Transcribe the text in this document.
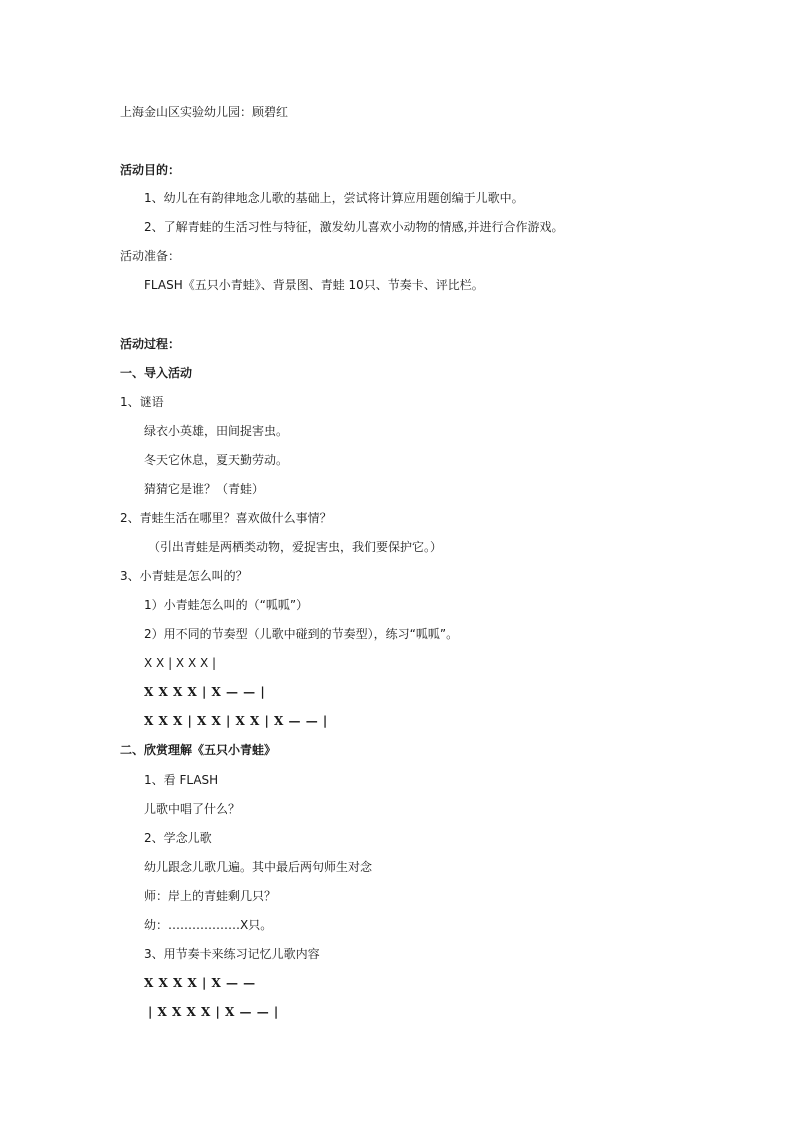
上海金山区实验幼儿园：顾碧红
活动目的：
1、幼儿在有韵律地念儿歌的基础上，尝试将计算应用题创编于儿歌中。
2、了解青蛙的生活习性与特征，激发幼儿喜欢小动物的情感,并进行合作游戏。
活动准备：
FLASH《五只小青蛙》、背景图、青蛙 10只、节奏卡、评比栏。
活动过程：
一、导入活动
1、谜语
绿衣小英雄，田间捉害虫。
冬天它休息，夏天勤劳动。
猜猜它是谁？（青蛙）
2、青蛙生活在哪里？喜欢做什么事情？
（引出青蛙是两栖类动物，爱捉害虫，我们要保护它。）
3、小青蛙是怎么叫的？
1）小青蛙怎么叫的（“呱呱”）
2）用不同的节奏型（儿歌中碰到的节奏型），练习“呱呱”。
X X | X X X |
X X X X | X — — |
X X X | X X | X X | X — — |
二、欣赏理解《五只小青蛙》
1、看 FLASH
儿歌中唱了什么？
2、学念儿歌
幼儿跟念儿歌几遍。其中最后两句师生对念
师：岸上的青蛙剩几只？
幼：………………X只。
3、用节奏卡来练习记忆儿歌内容
X X X X | X — —
| X X X X | X — — |
